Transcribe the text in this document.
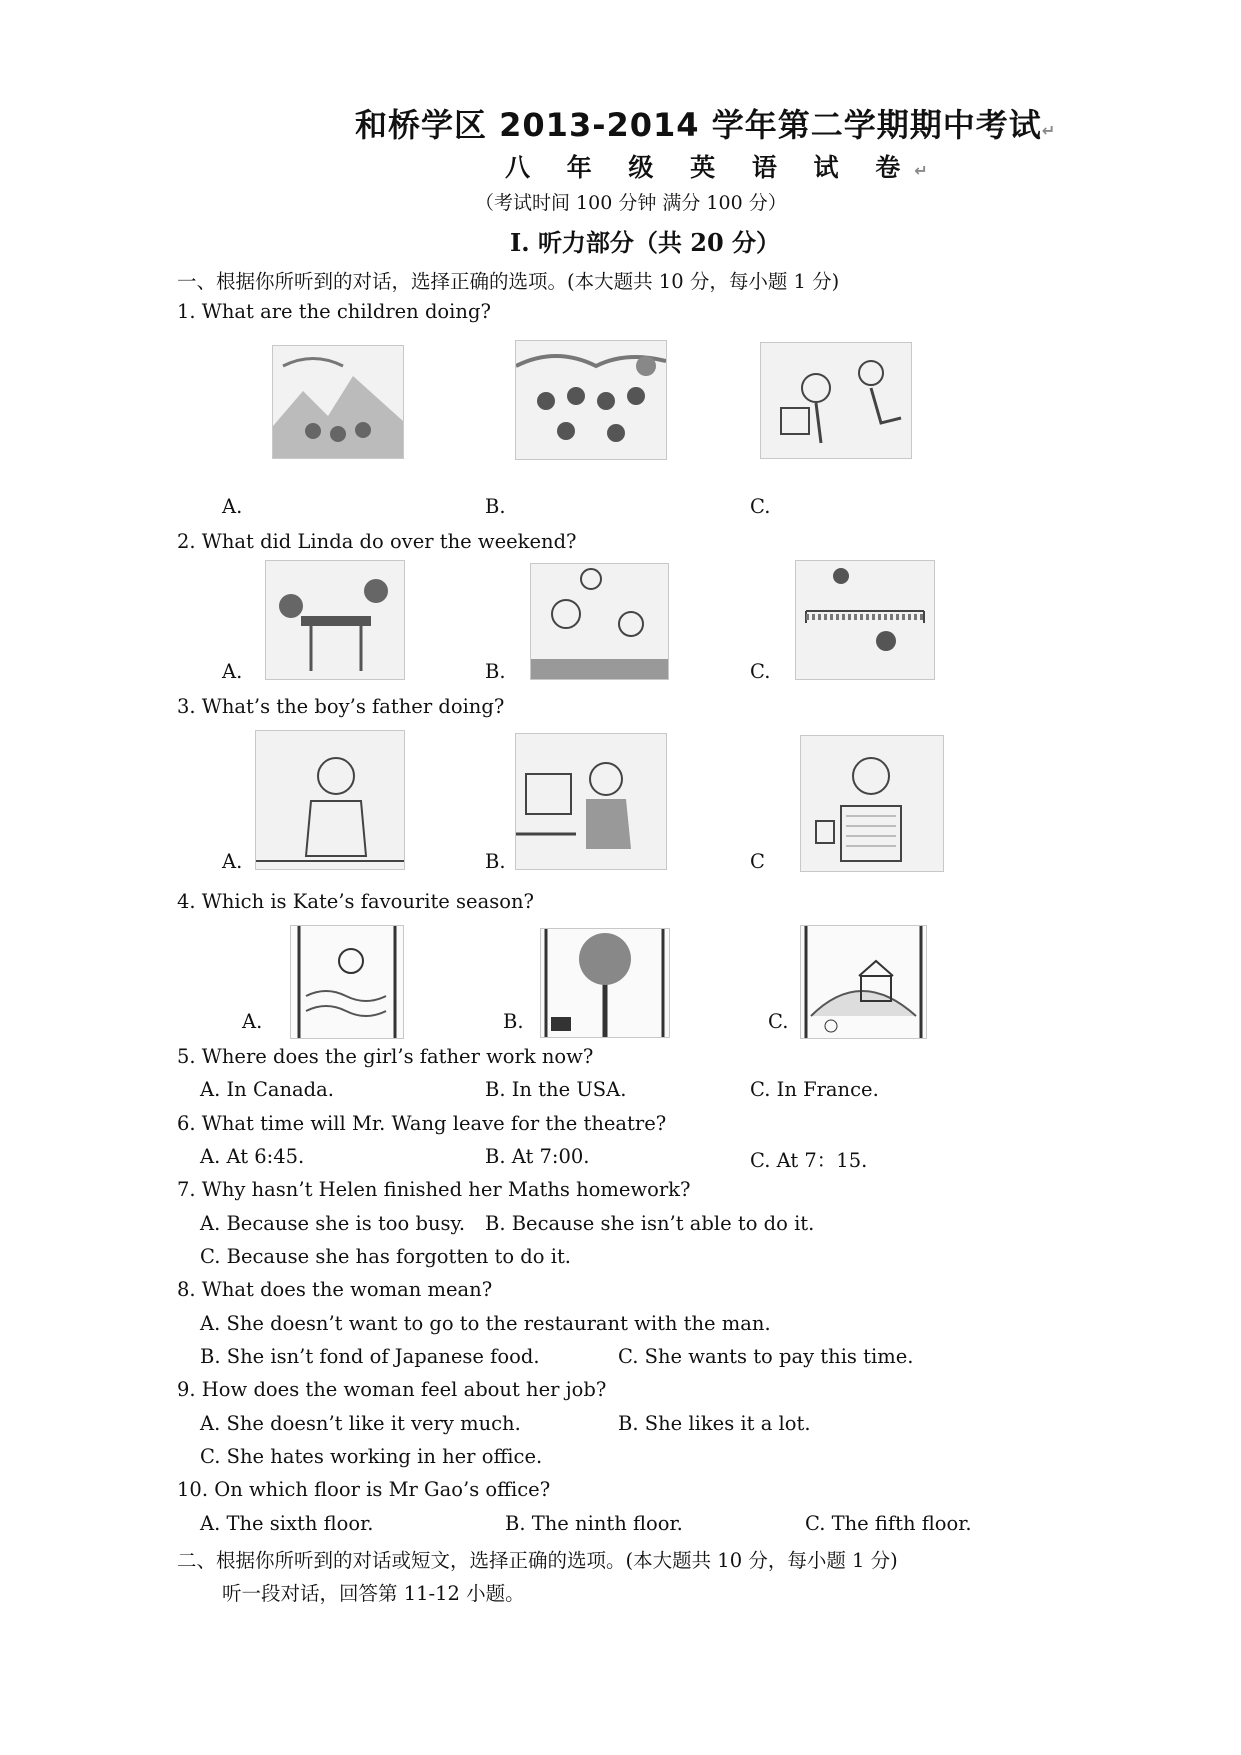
和桥学区 2013-2014 学年第二学期期中考试↵
八 年 级 英 语 试 卷↵
（考试时间 100 分钟 满分 100 分）
Ⅰ. 听力部分（共 20 分）
一、根据你所听到的对话，选择正确的选项。(本大题共 10 分，每小题 1 分)
1. What are the children doing?
A.	B.	C.
2. What did Linda do over the weekend?
A.	B.	C.
3. What’s the boy’s father doing?
A.	B.	C
4. Which is Kate’s favourite season?
A.	B.	C.
5. Where does the girl’s father work now?
A. In Canada.	B. In the USA.	C. In France.
6. What time will Mr. Wang leave for the theatre?
A. At 6:45.	B. At 7:00.	C. At 7：15.
7. Why hasn’t Helen finished her Maths homework?
A. Because she is too busy. B. Because she isn’t able to do it.
C. Because she has forgotten to do it.
8. What does the woman mean?
A. She doesn’t want to go to the restaurant with the man.
B. She isn’t fond of Japanese food.	C. She wants to pay this time.
9. How does the woman feel about her job?
A. She doesn’t like it very much.	B. She likes it a lot.
C. She hates working in her office.
10. On which floor is Mr Gao’s office?
A. The sixth floor.	B. The ninth floor.	C. The fifth floor.
二、根据你所听到的对话或短文，选择正确的选项。(本大题共 10 分，每小题 1 分)
听一段对话，回答第 11-12 小题。
